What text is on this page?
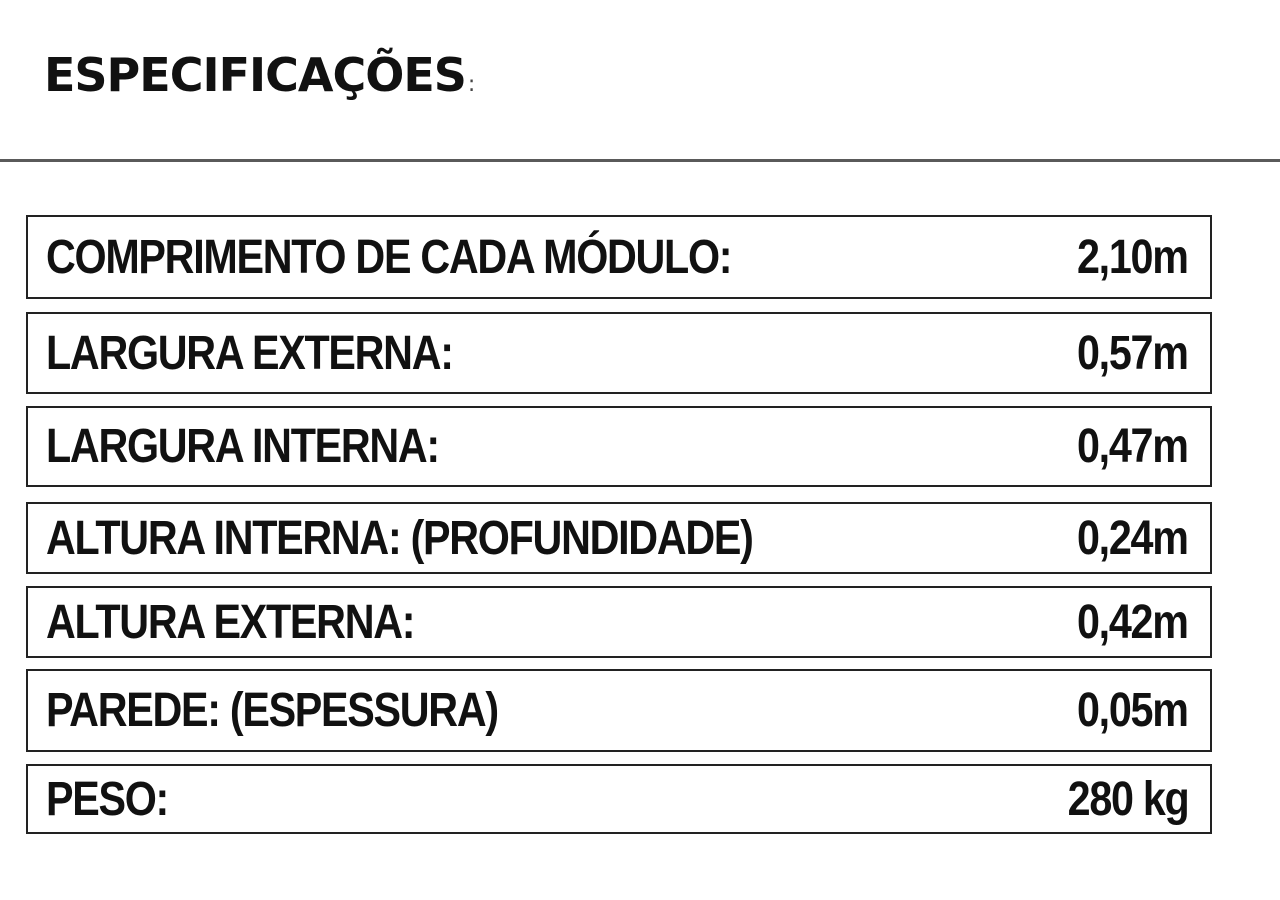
ESPECIFICAÇÕES:
COMPRIMENTO DE CADA MÓDULO:	2,10m
LARGURA EXTERNA:	0,57m
LARGURA INTERNA:	0,47m
ALTURA INTERNA: (PROFUNDIDADE)	0,24m
ALTURA EXTERNA:	0,42m
PAREDE: (ESPESSURA)	0,05m
PESO:	280 kg
